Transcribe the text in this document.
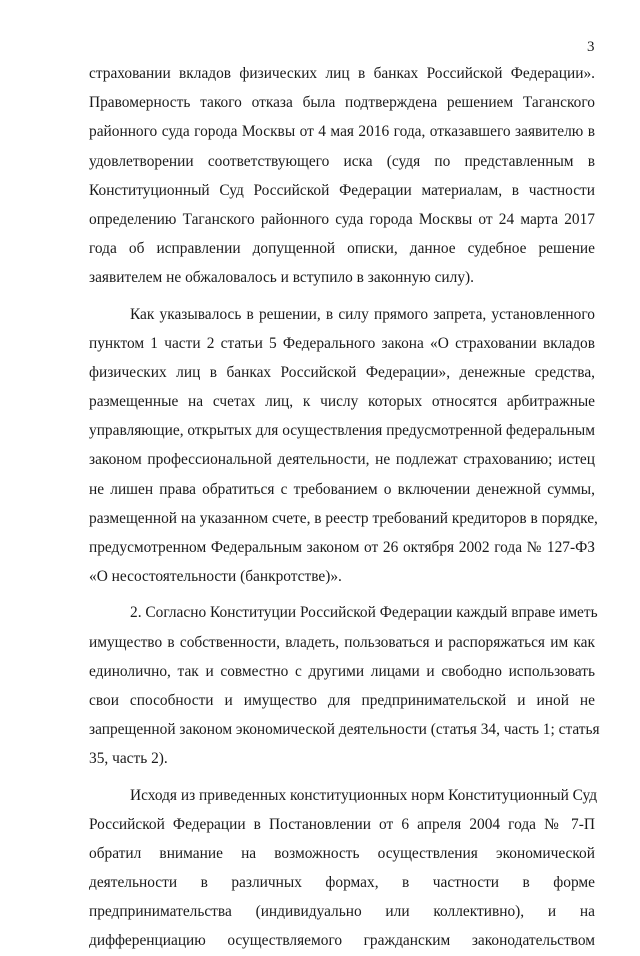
3
страховании вкладов физических лиц в банках Российской Федерации».
Правомерность такого отказа была подтверждена решением Таганского
районного суда города Москвы от 4 мая 2016 года, отказавшего заявителю в
удовлетворении соответствующего иска (судя по представленным в
Конституционный Суд Российской Федерации материалам, в частности
определению Таганского районного суда города Москвы от 24 марта 2017
года об исправлении допущенной описки, данное судебное решение
заявителем не обжаловалось и вступило в законную силу).
Как указывалось в решении, в силу прямого запрета, установленного
пунктом 1 части 2 статьи 5 Федерального закона «О страховании вкладов
физических лиц в банках Российской Федерации», денежные средства,
размещенные на счетах лиц, к числу которых относятся арбитражные
управляющие, открытых для осуществления предусмотренной федеральным
законом профессиональной деятельности, не подлежат страхованию; истец
не лишен права обратиться с требованием о включении денежной суммы,
размещенной на указанном счете, в реестр требований кредиторов в порядке,
предусмотренном Федеральным законом от 26 октября 2002 года № 127-ФЗ
«О несостоятельности (банкротстве)».
2. Согласно Конституции Российской Федерации каждый вправе иметь
имущество в собственности, владеть, пользоваться и распоряжаться им как
единолично, так и совместно с другими лицами и свободно использовать
свои способности и имущество для предпринимательской и иной не
запрещенной законом экономической деятельности (статья 34, часть 1; статья
35, часть 2).
Исходя из приведенных конституционных норм Конституционный Суд
Российской Федерации в Постановлении от 6 апреля 2004 года № 7-П
обратил внимание на возможность осуществления экономической
деятельности в различных формах, в частности в форме
предпринимательства (индивидуально или коллективно), и на
дифференциацию осуществляемого гражданским законодательством
